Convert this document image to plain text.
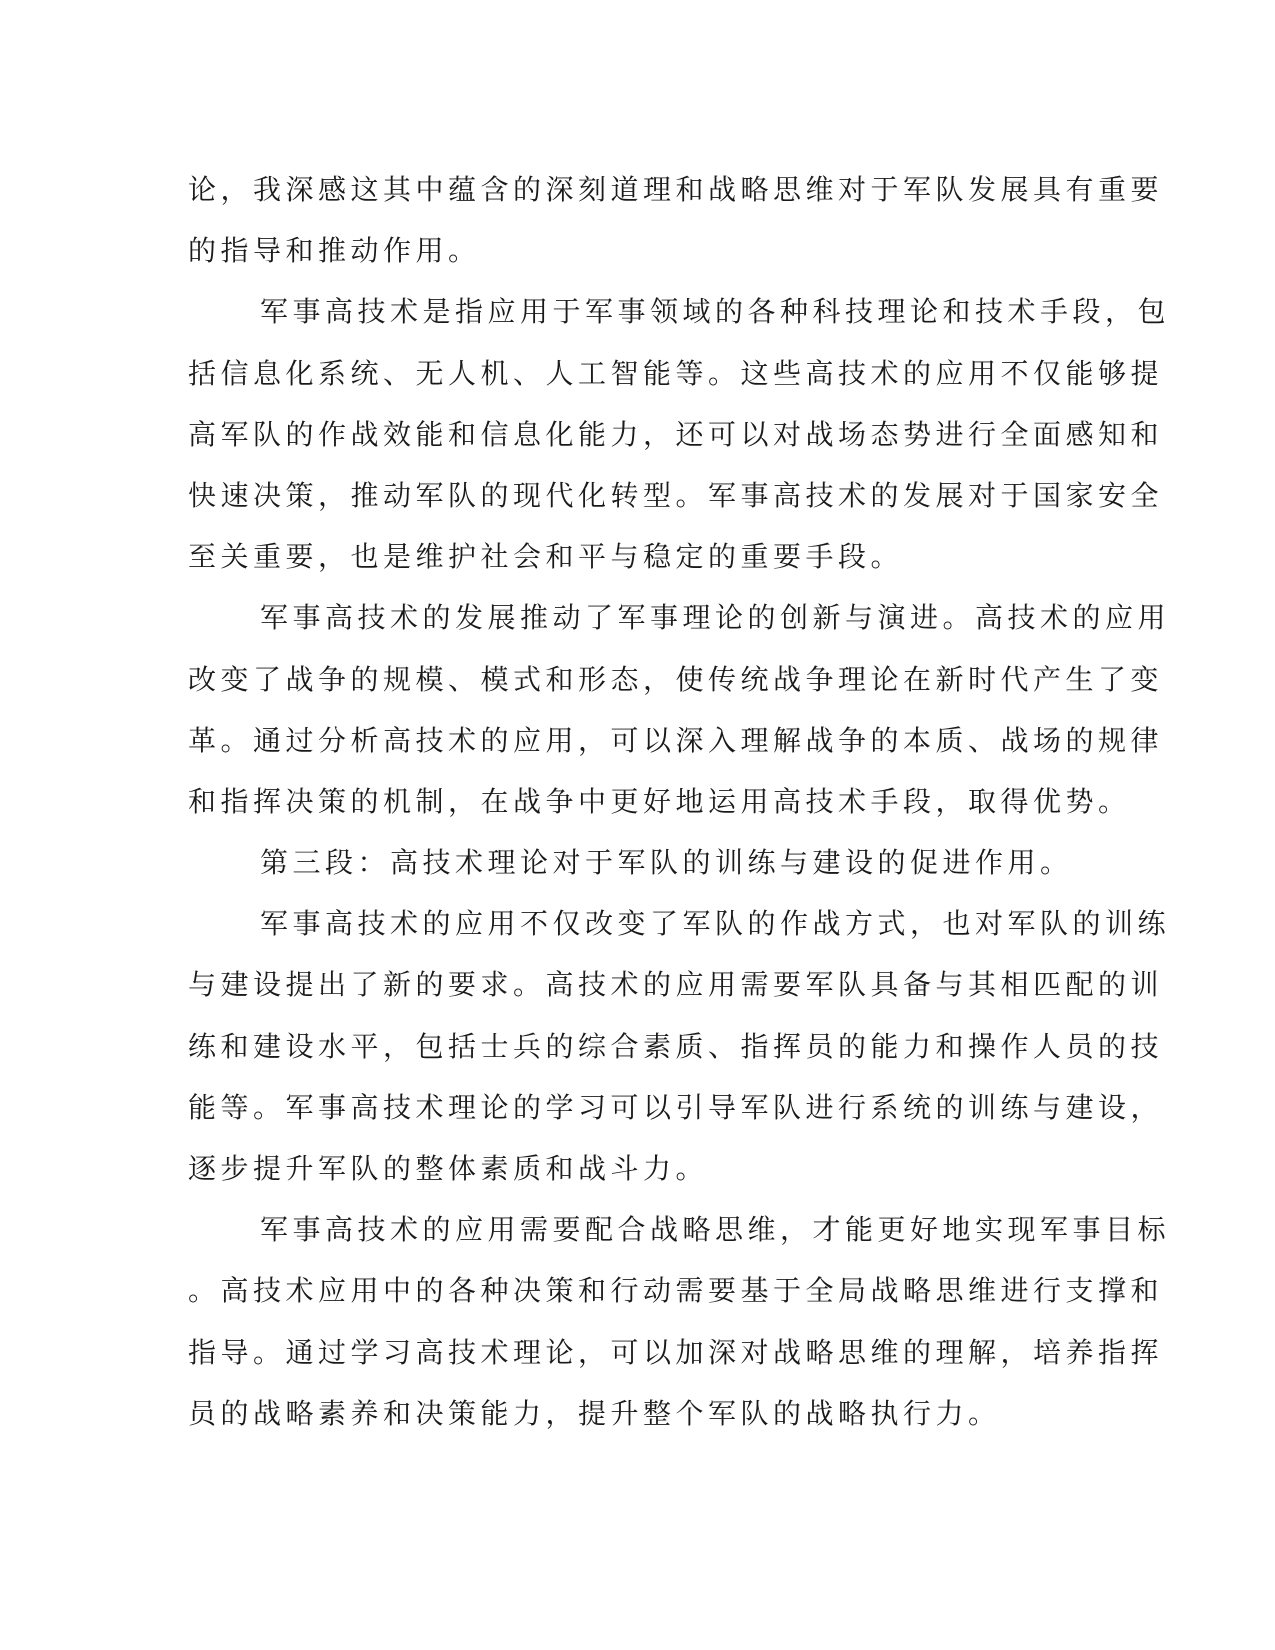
论，我深感这其中蕴含的深刻道理和战略思维对于军队发展具有重要
的指导和推动作用。
军事高技术是指应用于军事领域的各种科技理论和技术手段，包
括信息化系统、无人机、人工智能等。这些高技术的应用不仅能够提
高军队的作战效能和信息化能力，还可以对战场态势进行全面感知和
快速决策，推动军队的现代化转型。军事高技术的发展对于国家安全
至关重要，也是维护社会和平与稳定的重要手段。
军事高技术的发展推动了军事理论的创新与演进。高技术的应用
改变了战争的规模、模式和形态，使传统战争理论在新时代产生了变
革。通过分析高技术的应用，可以深入理解战争的本质、战场的规律
和指挥决策的机制，在战争中更好地运用高技术手段，取得优势。
第三段：高技术理论对于军队的训练与建设的促进作用。
军事高技术的应用不仅改变了军队的作战方式，也对军队的训练
与建设提出了新的要求。高技术的应用需要军队具备与其相匹配的训
练和建设水平，包括士兵的综合素质、指挥员的能力和操作人员的技
能等。军事高技术理论的学习可以引导军队进行系统的训练与建设，
逐步提升军队的整体素质和战斗力。
军事高技术的应用需要配合战略思维，才能更好地实现军事目标
。高技术应用中的各种决策和行动需要基于全局战略思维进行支撑和
指导。通过学习高技术理论，可以加深对战略思维的理解，培养指挥
员的战略素养和决策能力，提升整个军队的战略执行力。
